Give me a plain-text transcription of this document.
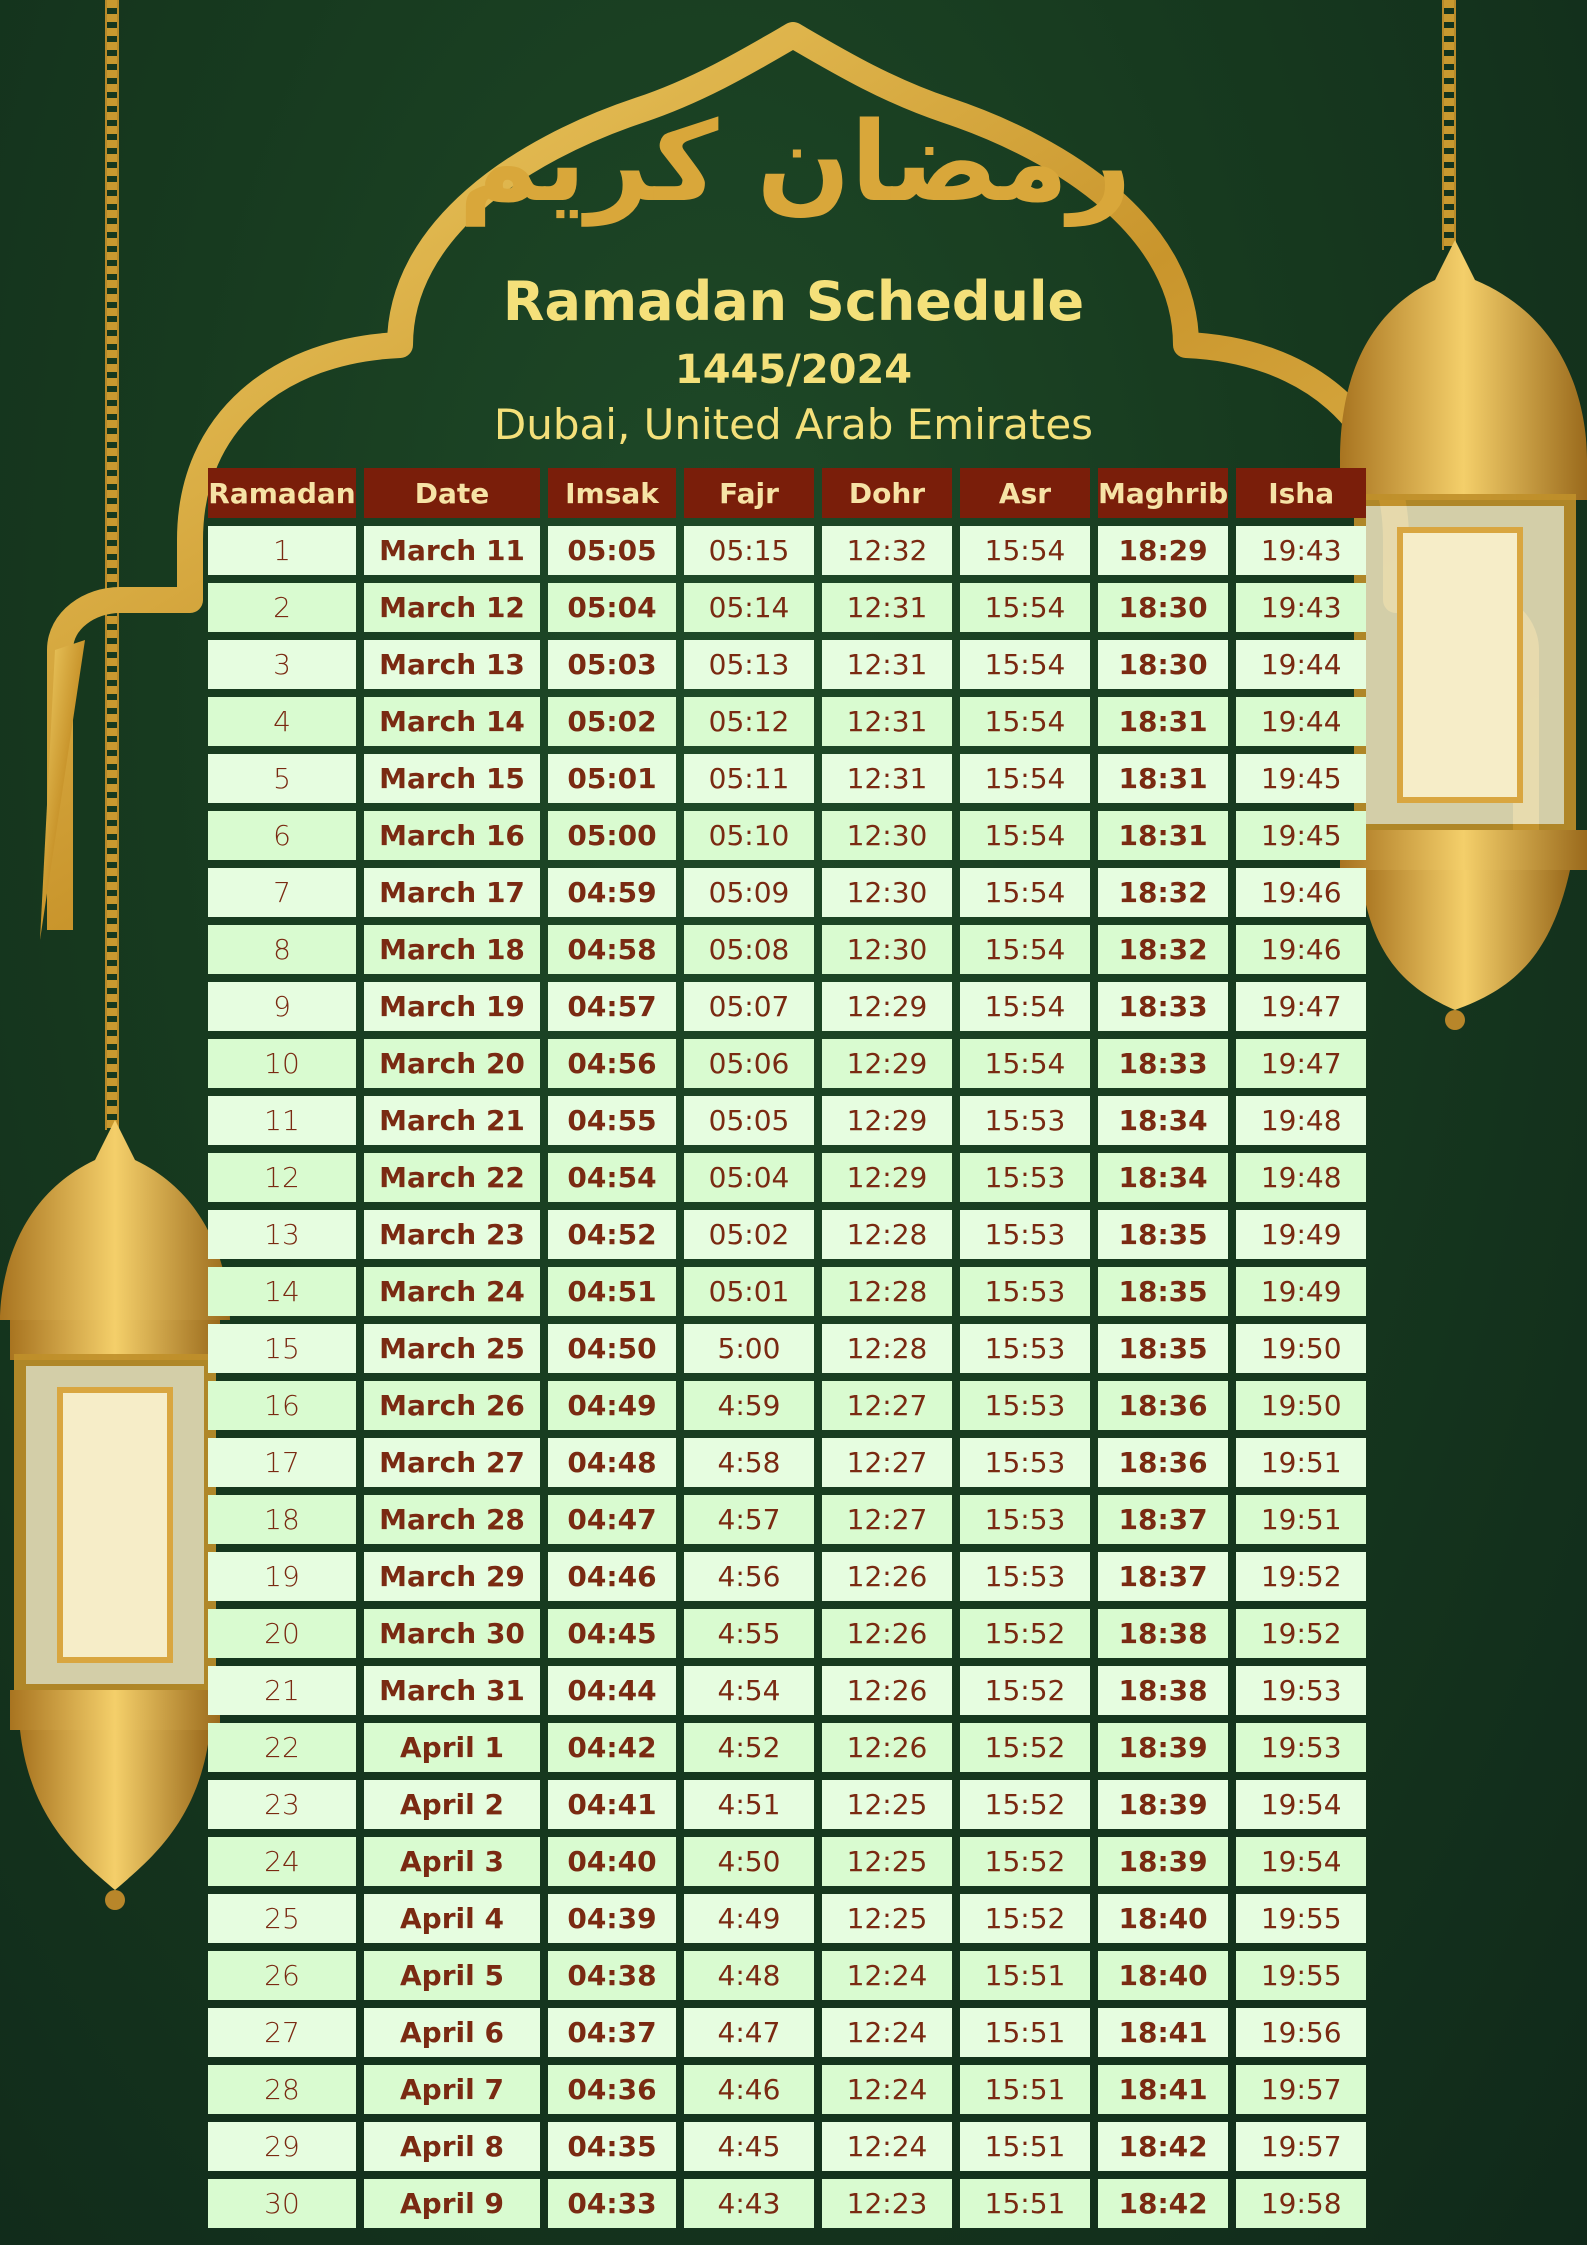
رمضان كريم
Ramadan Schedule
1445/2024
Dubai, United Arab Emirates
Ramadan	Date	Imsak	Fajr	Dohr	Asr	Maghrib	Isha
1	March 11	05:05	05:15	12:32	15:54	18:29	19:43
2	March 12	05:04	05:14	12:31	15:54	18:30	19:43
3	March 13	05:03	05:13	12:31	15:54	18:30	19:44
4	March 14	05:02	05:12	12:31	15:54	18:31	19:44
5	March 15	05:01	05:11	12:31	15:54	18:31	19:45
6	March 16	05:00	05:10	12:30	15:54	18:31	19:45
7	March 17	04:59	05:09	12:30	15:54	18:32	19:46
8	March 18	04:58	05:08	12:30	15:54	18:32	19:46
9	March 19	04:57	05:07	12:29	15:54	18:33	19:47
10	March 20	04:56	05:06	12:29	15:54	18:33	19:47
11	March 21	04:55	05:05	12:29	15:53	18:34	19:48
12	March 22	04:54	05:04	12:29	15:53	18:34	19:48
13	March 23	04:52	05:02	12:28	15:53	18:35	19:49
14	March 24	04:51	05:01	12:28	15:53	18:35	19:49
15	March 25	04:50	5:00	12:28	15:53	18:35	19:50
16	March 26	04:49	4:59	12:27	15:53	18:36	19:50
17	March 27	04:48	4:58	12:27	15:53	18:36	19:51
18	March 28	04:47	4:57	12:27	15:53	18:37	19:51
19	March 29	04:46	4:56	12:26	15:53	18:37	19:52
20	March 30	04:45	4:55	12:26	15:52	18:38	19:52
21	March 31	04:44	4:54	12:26	15:52	18:38	19:53
22	April 1	04:42	4:52	12:26	15:52	18:39	19:53
23	April 2	04:41	4:51	12:25	15:52	18:39	19:54
24	April 3	04:40	4:50	12:25	15:52	18:39	19:54
25	April 4	04:39	4:49	12:25	15:52	18:40	19:55
26	April 5	04:38	4:48	12:24	15:51	18:40	19:55
27	April 6	04:37	4:47	12:24	15:51	18:41	19:56
28	April 7	04:36	4:46	12:24	15:51	18:41	19:57
29	April 8	04:35	4:45	12:24	15:51	18:42	19:57
30	April 9	04:33	4:43	12:23	15:51	18:42	19:58
